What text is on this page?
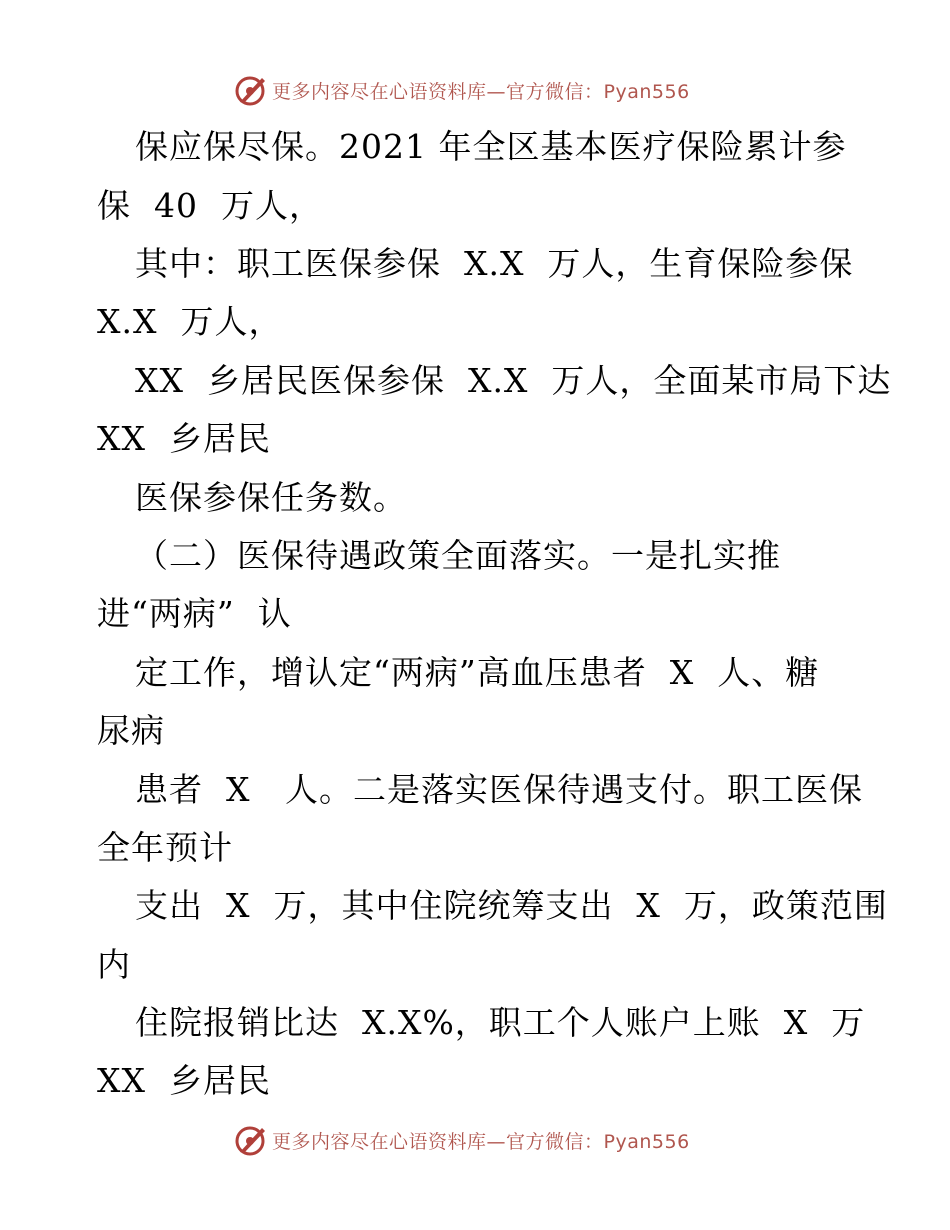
更多内容尽在心语资料库—官方微信：Pyan556
保应保尽保。2021 年全区基本医疗保险累计参
保  40  万人，
其中：职工医保参保  X.X  万人，生育保险参保
X.X  万人，
XX  乡居民医保参保  X.X  万人，全面某市局下达
XX  乡居民
医保参保任务数。
（二）医保待遇政策全面落实。一是扎实推
进“两病”  认
定工作，增认定“两病”高血压患者  X  人、糖
尿病
患者  X   人。二是落实医保待遇支付。职工医保
全年预计
支出  X  万，其中住院统筹支出  X  万，政策范围
内
住院报销比达  X.X%，职工个人账户上账  X  万
XX  乡居民
更多内容尽在心语资料库—官方微信：Pyan556
